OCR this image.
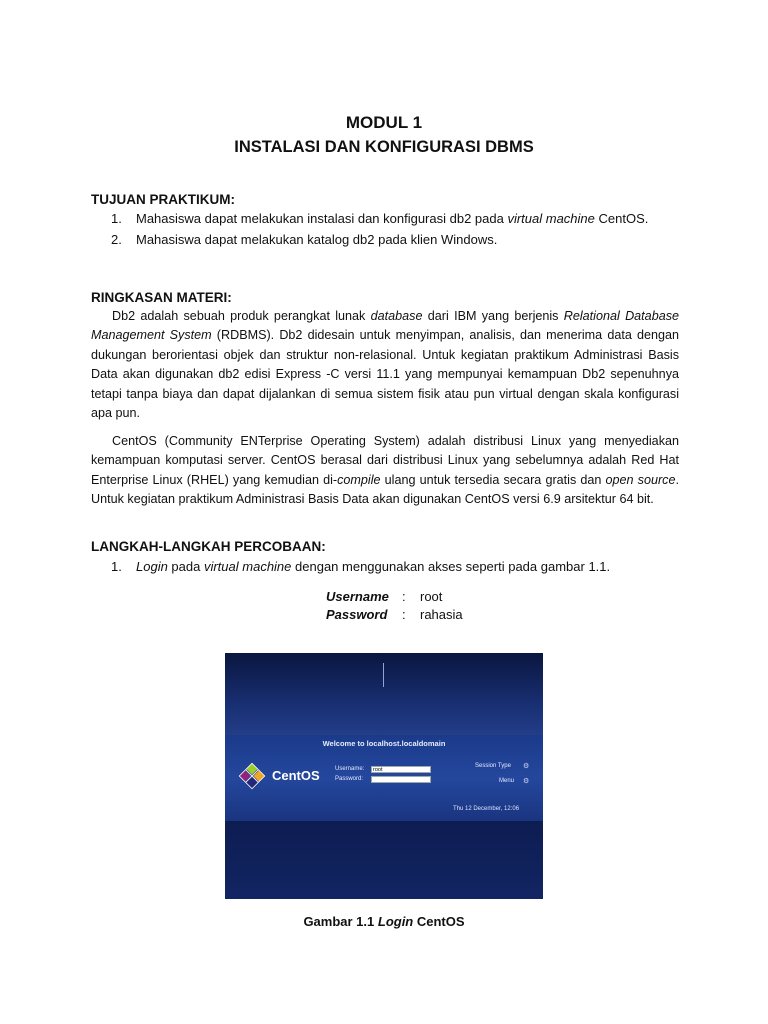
MODUL 1
INSTALASI DAN KONFIGURASI DBMS
TUJUAN PRAKTIKUM:
1. Mahasiswa dapat melakukan instalasi dan konfigurasi db2 pada virtual machine CentOS.
2. Mahasiswa dapat melakukan katalog db2 pada klien Windows.
RINGKASAN MATERI:

Db2 adalah sebuah produk perangkat lunak database dari IBM yang berjenis Relational Database Management System (RDBMS). Db2 didesain untuk menyimpan, analisis, dan menerima data dengan dukungan berorientasi objek dan struktur non-relasional. Untuk kegiatan praktikum Administrasi Basis Data akan digunakan db2 edisi Express -C versi 11.1 yang mempunyai kemampuan Db2 sepenuhnya tetapi tanpa biaya dan dapat dijalankan di semua sistem fisik atau pun virtual dengan skala konfigurasi apa pun.

CentOS (Community ENTerprise Operating System) adalah distribusi Linux yang menyediakan kemampuan komputasi server. CentOS berasal dari distribusi Linux yang sebelumnya adalah Red Hat Enterprise Linux (RHEL) yang kemudian di-compile ulang untuk tersedia secara gratis dan open source. Untuk kegiatan praktikum Administrasi Basis Data akan digunakan CentOS versi 6.9 arsitektur 64 bit.

LANGKAH-LANGKAH PERCOBAAN:
1. Login pada virtual machine dengan menggunakan akses seperti pada gambar 1.1.
Username : root
Password : rahasia
Welcome to localhost.localdomain
CentOS	Username:	root
Password:
Session Type ⚙
Menu ⚙
Thu 12 December, 12:06
Gambar 1.1 Login CentOS
